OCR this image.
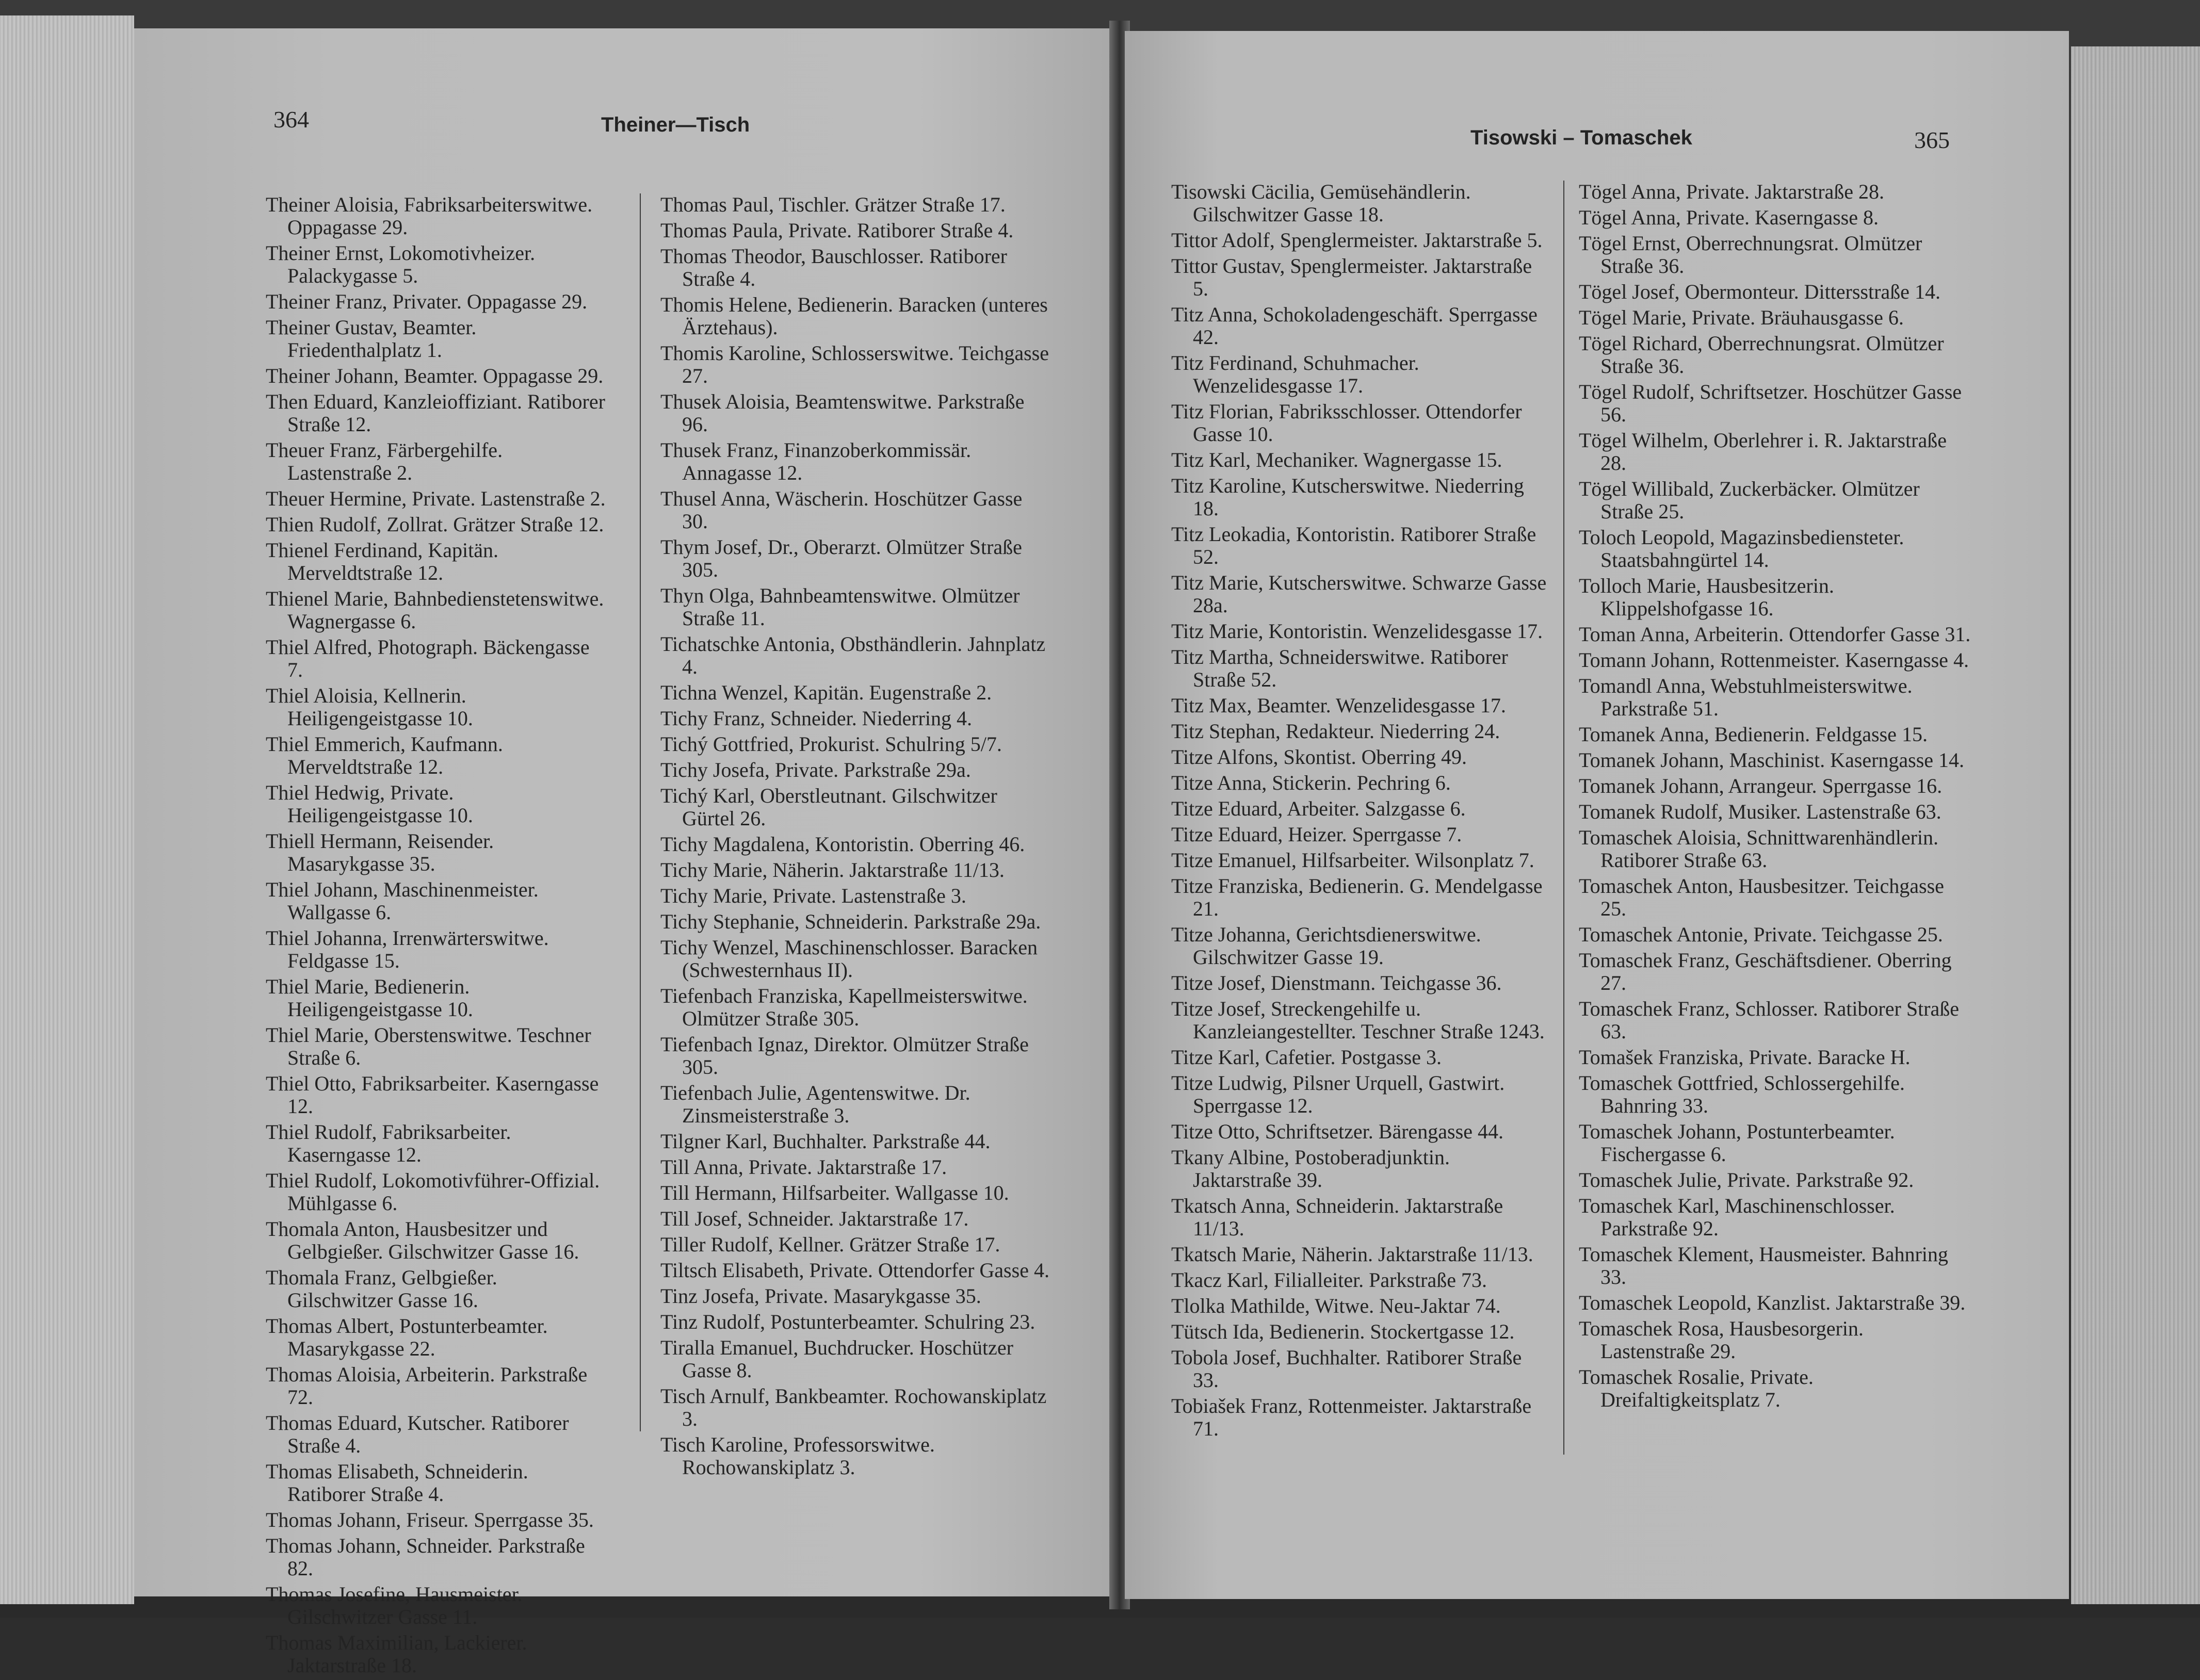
364	Theiner—Tisch
Theiner Aloisia, Fabriksarbeiterswitwe. Oppagasse 29.
Theiner Ernst, Lokomotivheizer. Palackygasse 5.
Theiner Franz, Privater. Oppagasse 29.
Theiner Gustav, Beamter. Friedenthalplatz 1.
Theiner Johann, Beamter. Oppagasse 29.
Then Eduard, Kanzleioffiziant. Ratiborer Straße 12.
Theuer Franz, Färbergehilfe. Lastenstraße 2.
Theuer Hermine, Private. Lastenstraße 2.
Thien Rudolf, Zollrat. Grätzer Straße 12.
Thienel Ferdinand, Kapitän. Merveldtstraße 12.
Thienel Marie, Bahnbedienstetenswitwe. Wagnergasse 6.
Thiel Alfred, Photograph. Bäckengasse 7.
Thiel Aloisia, Kellnerin. Heiligengeistgasse 10.
Thiel Emmerich, Kaufmann. Merveldtstraße 12.
Thiel Hedwig, Private. Heiligengeistgasse 10.
Thiell Hermann, Reisender. Masarykgasse 35.
Thiel Johann, Maschinenmeister. Wallgasse 6.
Thiel Johanna, Irrenwärterswitwe. Feldgasse 15.
Thiel Marie, Bedienerin. Heiligengeistgasse 10.
Thiel Marie, Oberstenswitwe. Teschner Straße 6.
Thiel Otto, Fabriksarbeiter. Kaserngasse 12.
Thiel Rudolf, Fabriksarbeiter. Kaserngasse 12.
Thiel Rudolf, Lokomotivführer-Offizial. Mühlgasse 6.
Thomala Anton, Hausbesitzer und Gelbgießer. Gilschwitzer Gasse 16.
Thomala Franz, Gelbgießer. Gilschwitzer Gasse 16.
Thomas Albert, Postunterbeamter. Masarykgasse 22.
Thomas Aloisia, Arbeiterin. Parkstraße 72.
Thomas Eduard, Kutscher. Ratiborer Straße 4.
Thomas Elisabeth, Schneiderin. Ratiborer Straße 4.
Thomas Johann, Friseur. Sperrgasse 35.
Thomas Johann, Schneider. Parkstraße 82.
Thomas Josefine, Hausmeister. Gilschwitzer Gasse 11.
Thomas Maximilian, Lackierer. Jaktarstraße 18.
Thomas Paul, Tischler. Grätzer Straße 17.
Thomas Paula, Private. Ratiborer Straße 4.
Thomas Theodor, Bauschlosser. Ratiborer Straße 4.
Thomis Helene, Bedienerin. Baracken (unteres Ärztehaus).
Thomis Karoline, Schlosserswitwe. Teichgasse 27.
Thusek Aloisia, Beamtenswitwe. Parkstraße 96.
Thusek Franz, Finanzoberkommissär. Annagasse 12.
Thusel Anna, Wäscherin. Hoschützer Gasse 30.
Thym Josef, Dr., Oberarzt. Olmützer Straße 305.
Thyn Olga, Bahnbeamtenswitwe. Olmützer Straße 11.
Tichatschke Antonia, Obsthändlerin. Jahnplatz 4.
Tichna Wenzel, Kapitän. Eugenstraße 2.
Tichy Franz, Schneider. Niederring 4.
Tichý Gottfried, Prokurist. Schulring 5/7.
Tichy Josefa, Private. Parkstraße 29a.
Tichý Karl, Oberstleutnant. Gilschwitzer Gürtel 26.
Tichy Magdalena, Kontoristin. Oberring 46.
Tichy Marie, Näherin. Jaktarstraße 11/13.
Tichy Marie, Private. Lastenstraße 3.
Tichy Stephanie, Schneiderin. Parkstraße 29a.
Tichy Wenzel, Maschinenschlosser. Baracken (Schwesternhaus II).
Tiefenbach Franziska, Kapellmeisterswitwe. Olmützer Straße 305.
Tiefenbach Ignaz, Direktor. Olmützer Straße 305.
Tiefenbach Julie, Agentenswitwe. Dr. Zinsmeisterstraße 3.
Tilgner Karl, Buchhalter. Parkstraße 44.
Till Anna, Private. Jaktarstraße 17.
Till Hermann, Hilfsarbeiter. Wallgasse 10.
Till Josef, Schneider. Jaktarstraße 17.
Tiller Rudolf, Kellner. Grätzer Straße 17.
Tiltsch Elisabeth, Private. Ottendorfer Gasse 4.
Tinz Josefa, Private. Masarykgasse 35.
Tinz Rudolf, Postunterbeamter. Schulring 23.
Tiralla Emanuel, Buchdrucker. Hoschützer Gasse 8.
Tisch Arnulf, Bankbeamter. Rochowanskiplatz 3.
Tisch Karoline, Professorswitwe. Rochowanskiplatz 3.
Tisowski – Tomaschek	365
Tisowski Cäcilia, Gemüsehändlerin. Gilschwitzer Gasse 18.
Tittor Adolf, Spenglermeister. Jaktarstraße 5.
Tittor Gustav, Spenglermeister. Jaktarstraße 5.
Titz Anna, Schokoladengeschäft. Sperrgasse 42.
Titz Ferdinand, Schuhmacher. Wenzelidesgasse 17.
Titz Florian, Fabriksschlosser. Ottendorfer Gasse 10.
Titz Karl, Mechaniker. Wagnergasse 15.
Titz Karoline, Kutscherswitwe. Niederring 18.
Titz Leokadia, Kontoristin. Ratiborer Straße 52.
Titz Marie, Kutscherswitwe. Schwarze Gasse 28a.
Titz Marie, Kontoristin. Wenzelidesgasse 17.
Titz Martha, Schneiderswitwe. Ratiborer Straße 52.
Titz Max, Beamter. Wenzelidesgasse 17.
Titz Stephan, Redakteur. Niederring 24.
Titze Alfons, Skontist. Oberring 49.
Titze Anna, Stickerin. Pechring 6.
Titze Eduard, Arbeiter. Salzgasse 6.
Titze Eduard, Heizer. Sperrgasse 7.
Titze Emanuel, Hilfsarbeiter. Wilsonplatz 7.
Titze Franziska, Bedienerin. G. Mendelgasse 21.
Titze Johanna, Gerichtsdienerswitwe. Gilschwitzer Gasse 19.
Titze Josef, Dienstmann. Teichgasse 36.
Titze Josef, Streckengehilfe u. Kanzleiangestellter. Teschner Straße 1243.
Titze Karl, Cafetier. Postgasse 3.
Titze Ludwig, Pilsner Urquell, Gastwirt. Sperrgasse 12.
Titze Otto, Schriftsetzer. Bärengasse 44.
Tkany Albine, Postoberadjunktin. Jaktarstraße 39.
Tkatsch Anna, Schneiderin. Jaktarstraße 11/13.
Tkatsch Marie, Näherin. Jaktarstraße 11/13.
Tkacz Karl, Filialleiter. Parkstraße 73.
Tlolka Mathilde, Witwe. Neu-Jaktar 74.
Tütsch Ida, Bedienerin. Stockertgasse 12.
Tobola Josef, Buchhalter. Ratiborer Straße 33.
Tobiašek Franz, Rottenmeister. Jaktarstraße 71.
Tögel Anna, Private. Jaktarstraße 28.
Tögel Anna, Private. Kaserngasse 8.
Tögel Ernst, Oberrechnungsrat. Olmützer Straße 36.
Tögel Josef, Obermonteur. Dittersstraße 14.
Tögel Marie, Private. Bräuhausgasse 6.
Tögel Richard, Oberrechnungsrat. Olmützer Straße 36.
Tögel Rudolf, Schriftsetzer. Hoschützer Gasse 56.
Tögel Wilhelm, Oberlehrer i. R. Jaktarstraße 28.
Tögel Willibald, Zuckerbäcker. Olmützer Straße 25.
Toloch Leopold, Magazinsbediensteter. Staatsbahngürtel 14.
Tolloch Marie, Hausbesitzerin. Klippelshofgasse 16.
Toman Anna, Arbeiterin. Ottendorfer Gasse 31.
Tomann Johann, Rottenmeister. Kaserngasse 4.
Tomandl Anna, Webstuhlmeisterswitwe. Parkstraße 51.
Tomanek Anna, Bedienerin. Feldgasse 15.
Tomanek Johann, Maschinist. Kaserngasse 14.
Tomanek Johann, Arrangeur. Sperrgasse 16.
Tomanek Rudolf, Musiker. Lastenstraße 63.
Tomaschek Aloisia, Schnittwarenhändlerin. Ratiborer Straße 63.
Tomaschek Anton, Hausbesitzer. Teichgasse 25.
Tomaschek Antonie, Private. Teichgasse 25.
Tomaschek Franz, Geschäftsdiener. Oberring 27.
Tomaschek Franz, Schlosser. Ratiborer Straße 63.
Tomašek Franziska, Private. Baracke H.
Tomaschek Gottfried, Schlossergehilfe. Bahnring 33.
Tomaschek Johann, Postunterbeamter. Fischergasse 6.
Tomaschek Julie, Private. Parkstraße 92.
Tomaschek Karl, Maschinenschlosser. Parkstraße 92.
Tomaschek Klement, Hausmeister. Bahnring 33.
Tomaschek Leopold, Kanzlist. Jaktarstraße 39.
Tomaschek Rosa, Hausbesorgerin. Lastenstraße 29.
Tomaschek Rosalie, Private. Dreifaltigkeitsplatz 7.
